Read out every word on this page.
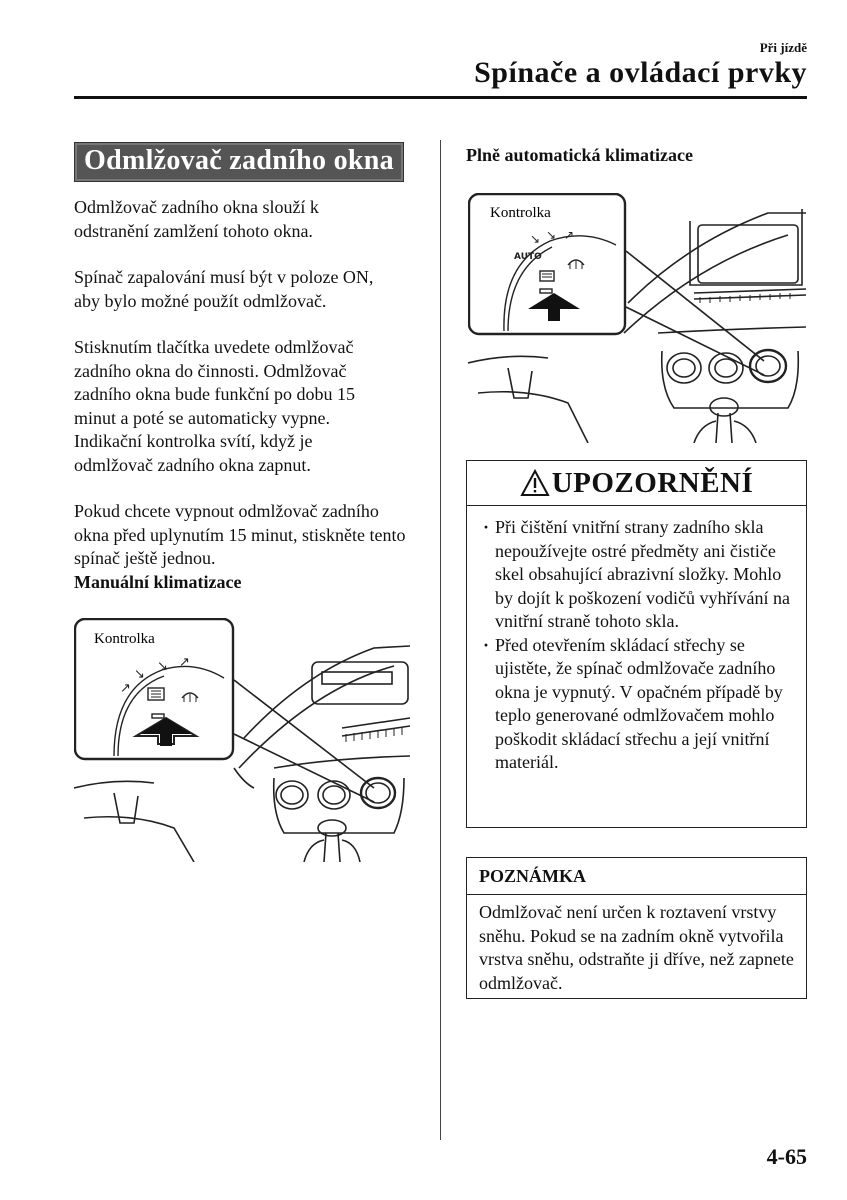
Při jízdě
Spínače a ovládací prvky
Odmlžovač zadního okna

Odmlžovač zadního okna slouží k odstranění zamlžení tohoto okna.

Spínač zapalování musí být v poloze ON, aby bylo možné použít odmlžovač.

Stisknutím tlačítka uvedete odmlžovač zadního okna do činnosti. Odmlžovač zadního okna bude funkční po dobu 15 minut a poté se automaticky vypne. Indikační kontrolka svítí, když je odmlžovač zadního okna zapnut.

Pokud chcete vypnout odmlžovač zadního okna před uplynutím 15 minut, stiskněte tento spínač ještě jednou.

Manuální klimatizace
↗
↘
↘ ↗
Kontrolka
Plně automatická klimatizace
↘ ↘ ↗
AUTO
Kontrolka
UPOZORNĚNÍ
· Při čištění vnitřní strany zadního skla nepoužívejte ostré předměty ani čističe skel obsahující abrazivní složky. Mohlo by dojít k poškození vodičů vyhřívání na vnitřní straně tohoto skla.
· Před otevřením skládací střechy se ujistěte, že spínač odmlžovače zadního okna je vypnutý. V opačném případě by teplo generované odmlžovačem mohlo poškodit skládací střechu a její vnitřní materiál.
POZNÁMKA
Odmlžovač není určen k roztavení vrstvy sněhu. Pokud se na zadním okně vytvořila vrstva sněhu, odstraňte ji dříve, než zapnete odmlžovač.
4-65
